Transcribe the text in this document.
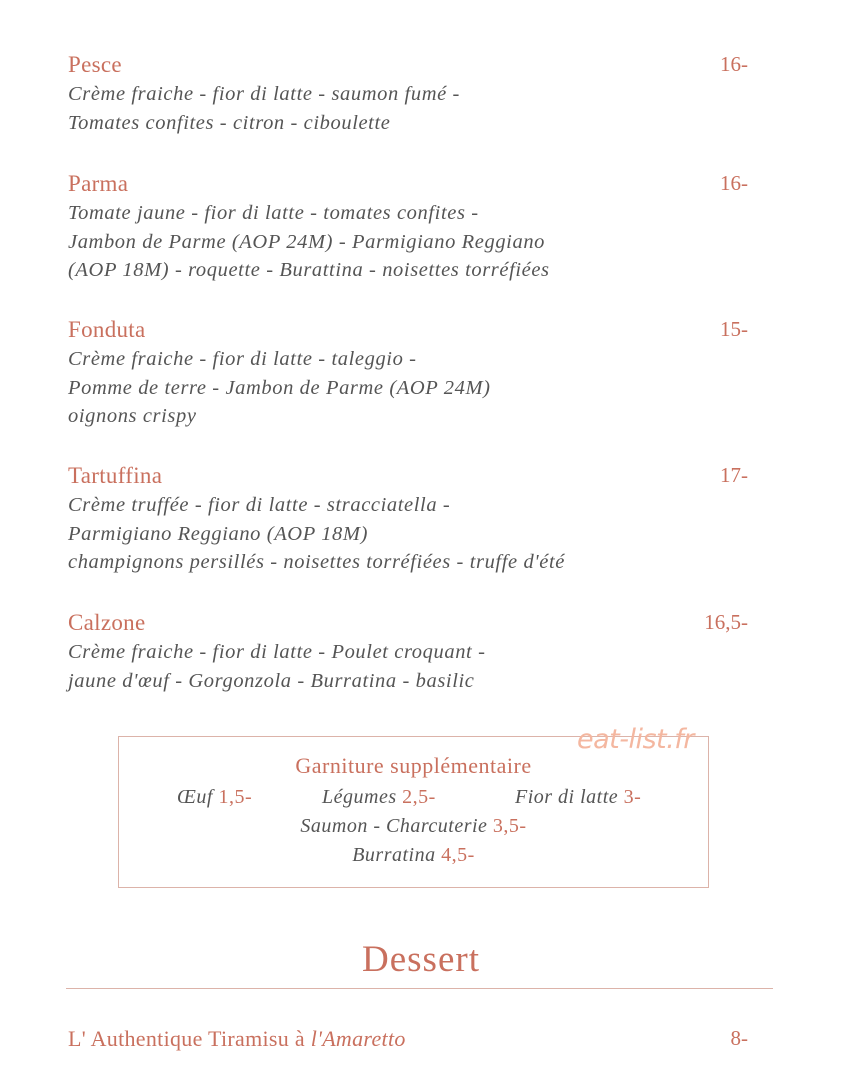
Pesce	16-
Crème fraiche - fior di latte - saumon fumé -
Tomates confites - citron - ciboulette
Parma	16-
Tomate jaune - fior di latte - tomates confites -
Jambon de Parme (AOP 24M) - Parmigiano Reggiano
(AOP 18M) - roquette - Burattina - noisettes torréfiées
Fonduta	15-
Crème fraiche - fior di latte - taleggio -
Pomme de terre - Jambon de Parme (AOP 24M)
oignons crispy
Tartuffina	17-
Crème truffée - fior di latte - stracciatella -
Parmigiano Reggiano (AOP 18M)
champignons persillés - noisettes torréfiées - truffe d'été
Calzone	16,5-
Crème fraiche - fior di latte - Poulet croquant -
jaune d'œuf - Gorgonzola - Burratina - basilic
Garniture supplémentaire
Œuf 1,5-	Légumes 2,5-	Fior di latte 3-
Saumon - Charcuterie 3,5-
Burratina 4,5-
eat-list.fr
Dessert
L' Authentique Tiramisu à l'Amaretto	8-
